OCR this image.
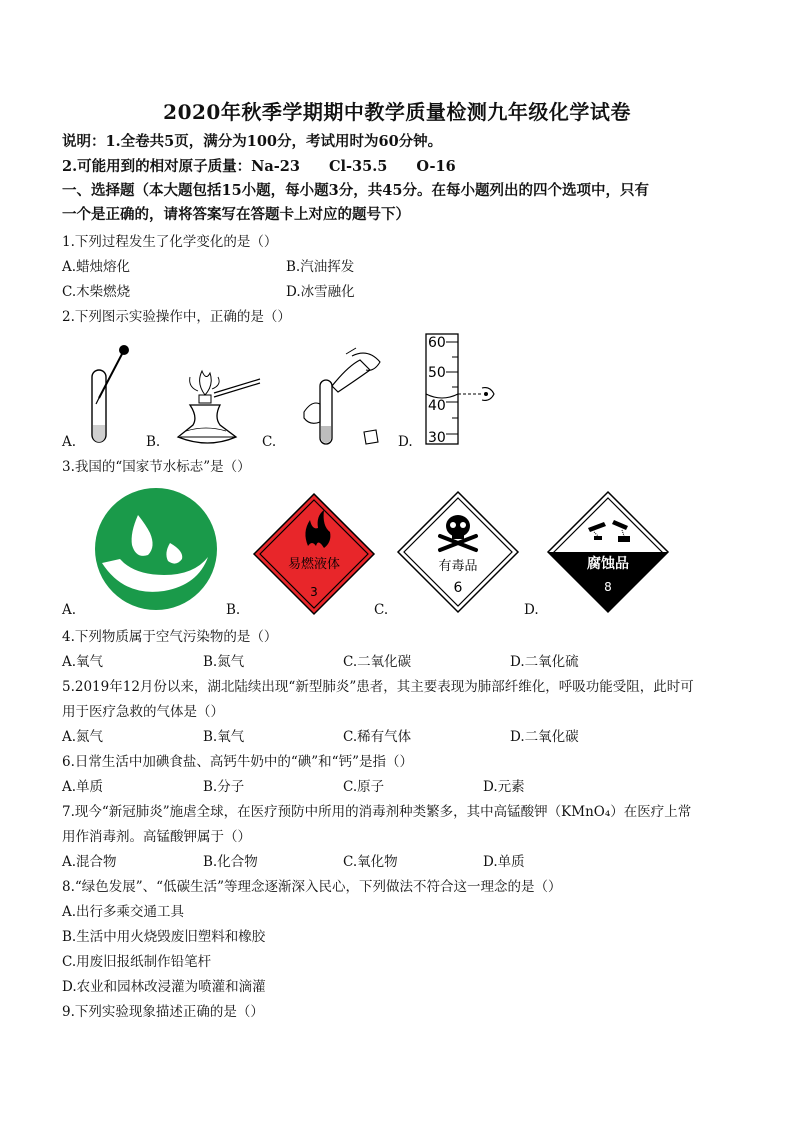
2020年秋季学期期中教学质量检测九年级化学试卷
说明：1.全卷共5页，满分为100分，考试用时为60分钟。
2.可能用到的相对原子质量：Na-23　　Cl-35.5　　O-16
一、选择题（本大题包括15小题，每小题3分，共45分。在每小题列出的四个选项中，只有
一个是正确的，请将答案写在答题卡上对应的题号下）
1.下列过程发生了化学变化的是（）
A.蜡烛熔化	B.汽油挥发
C.木柴燃烧	D.冰雪融化
2.下列图示实验操作中，正确的是（）
A.	B.	C.
60
50
40
30
D.
3.我国的“国家节水标志”是（）
A.
易燃液体
3
B.
有毒品
6
C.
腐蚀品
8
D.
4.下列物质属于空气污染物的是（）
A.氧气	B.氮气	C.二氧化碳	D.二氧化硫
5.2019年12月份以来，湖北陆续出现“新型肺炎”患者，其主要表现为肺部纤维化，呼吸功能受阻，此时可
用于医疗急救的气体是（）
A.氮气	B.氧气	C.稀有气体	D.二氧化碳
6.日常生活中加碘食盐、高钙牛奶中的“碘”和“钙”是指（）
A.单质	B.分子	C.原子	D.元素
7.现今“新冠肺炎”施虐全球，在医疗预防中所用的消毒剂种类繁多，其中高锰酸钾（KMnO₄）在医疗上常
用作消毒剂。高锰酸钾属于（）
A.混合物	B.化合物	C.氧化物	D.单质
8.“绿色发展”、“低碳生活”等理念逐渐深入民心，下列做法不符合这一理念的是（）
A.出行多乘交通工具
B.生活中用火烧毁废旧塑料和橡胶
C.用废旧报纸制作铅笔杆
D.农业和园林改浸灌为喷灌和滴灌
9.下列实验现象描述正确的是（）
